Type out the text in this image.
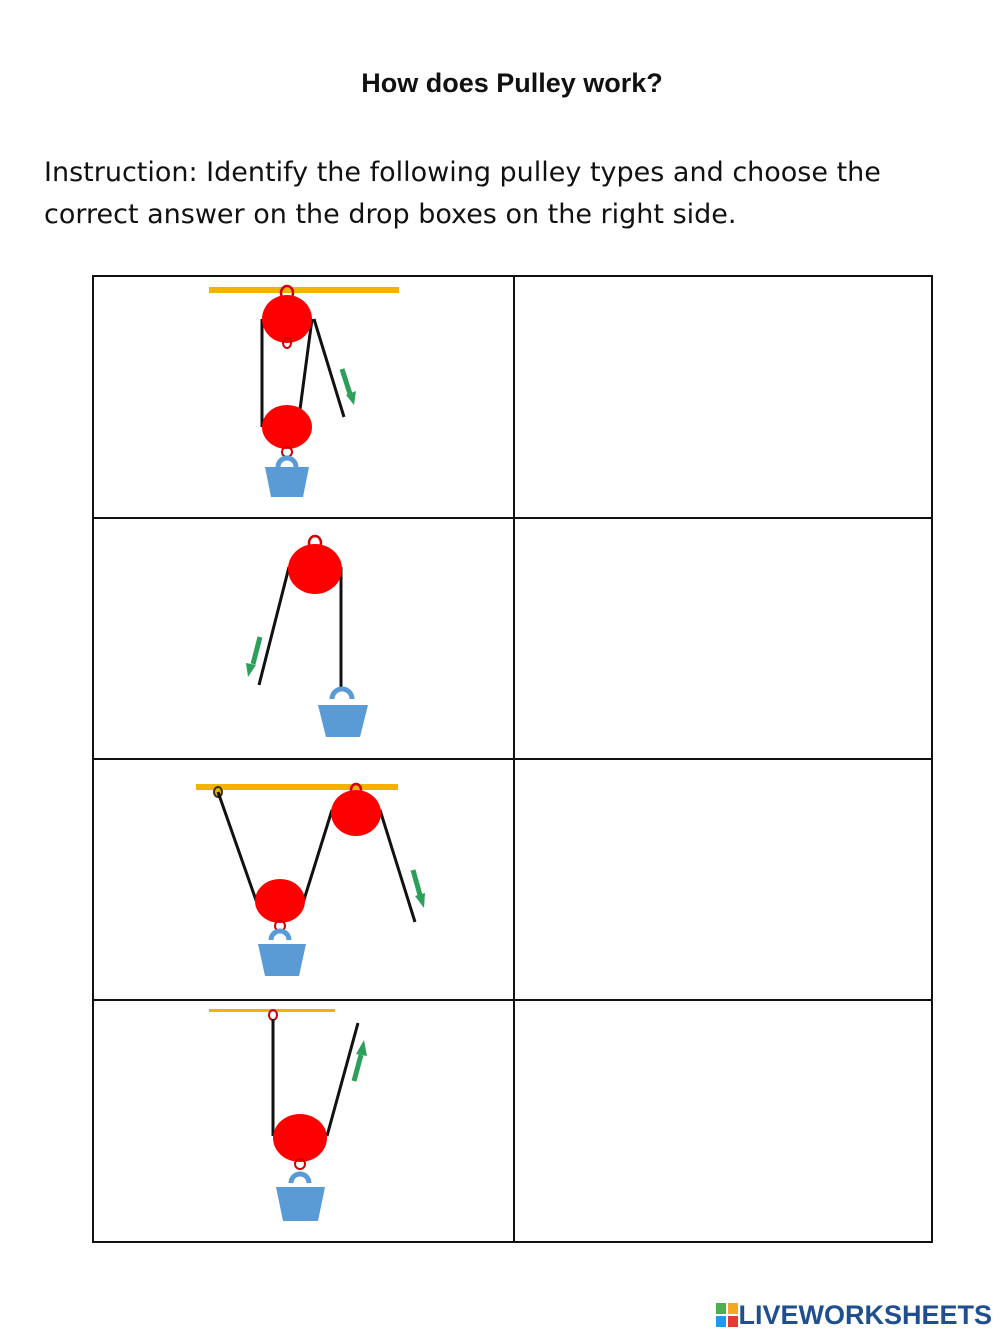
How does Pulley work?

Instruction: Identify the following pulley types and choose the correct answer on the drop boxes on the right side.

LIVEWORKSHEETS
